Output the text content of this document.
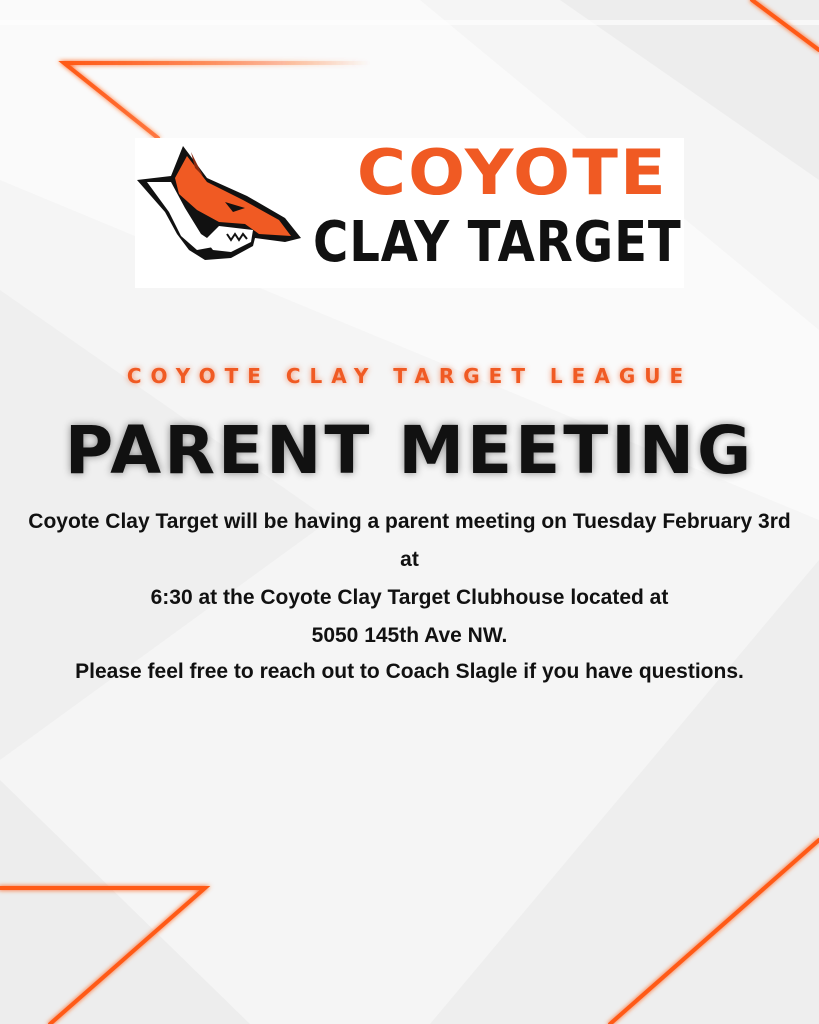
COYOTE

CLAY TARGET

COYOTE CLAY TARGET LEAGUE

PARENT MEETING
Coyote Clay Target will be having a parent meeting on Tuesday February 3rd at
6:30 at the Coyote Clay Target Clubhouse located at
5050 145th Ave NW.

Please feel free to reach out to Coach Slagle if you have questions.
